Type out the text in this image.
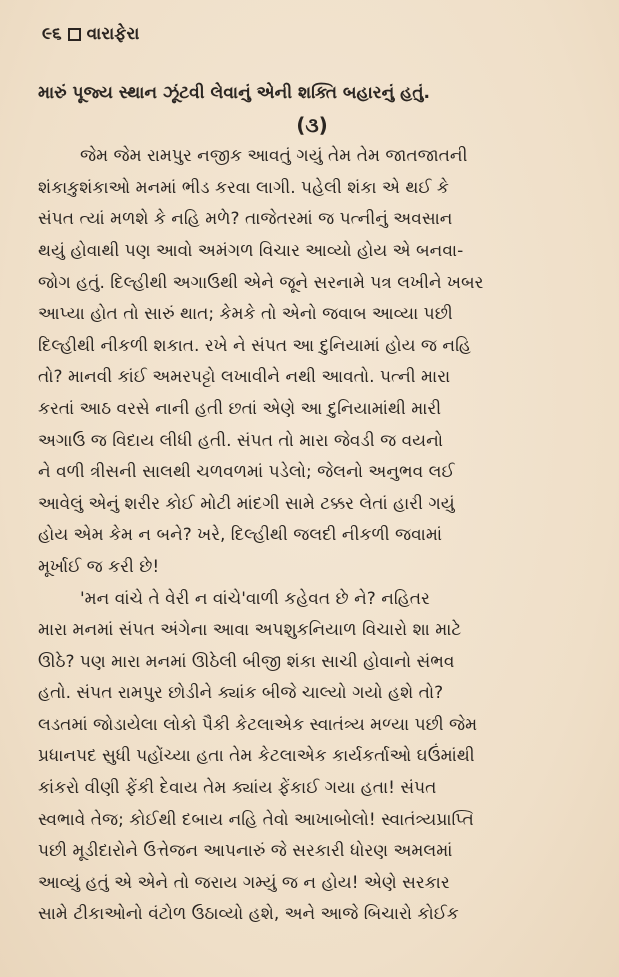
૯૬ વારાફેરા
મારું પૂજ્ય સ્થાન ઝૂંટવી લેવાનું એની શક્તિ બહારનું હતું.
(૩)
જેમ જેમ રામપુર નજીક આવતું ગયું તેમ તેમ જાતજાતની
શંકાકુશંકાઓ મનમાં ભીડ કરવા લાગી. પહેલી શંકા એ થઈ કે
સંપત ત્યાં મળશે કે નહિ મળે? તાજેતરમાં જ પત્નીનું અવસાન
થયું હોવાથી પણ આવો અમંગળ વિચાર આવ્યો હોય એ બનવા-
જોગ હતું. દિલ્હીથી અગાઉથી એને જૂને સરનામે પત્ર લખીને ખબર
આપ્યા હોત તો સારું થાત; કેમકે તો એનો જવાબ આવ્યા પછી
દિલ્હીથી નીકળી શકાત. રખે ને સંપત આ દુનિયામાં હોય જ નહિ
તો? માનવી કાંઈ અમરપટ્ટો લખાવીને નથી આવતો. પત્ની મારા
કરતાં આઠ વરસે નાની હતી છતાં એણે આ દુનિયામાંથી મારી
અગાઉ જ વિદાય લીધી હતી. સંપત તો મારા જેવડી જ વયનો
ને વળી ત્રીસની સાલથી ચળવળમાં પડેલો; જેલનો અનુભવ લઈ
આવેલું એનું શરીર કોઈ મોટી માંદગી સામે ટક્કર લેતાં હારી ગયું
હોય એમ કેમ ન બને? ખરે, દિલ્હીથી જલદી નીકળી જવામાં
મૂર્ખાઈ જ કરી છે!
'મન વાંચે તે વેરી ન વાંચે'વાળી કહેવત છે ને? નહિતર
મારા મનમાં સંપત અંગેના આવા અપશુકનિયાળ વિચારો શા માટે
ઊઠે? પણ મારા મનમાં ઊઠેલી બીજી શંકા સાચી હોવાનો સંભવ
હતો. સંપત રામપુર છોડીને ક્યાંક બીજે ચાલ્યો ગયો હશે તો?
લડતમાં જોડાયેલા લોકો પૈકી કેટલાએક સ્વાતંત્ર્ય મળ્યા પછી જેમ
પ્રધાનપદ સુધી પહોંચ્યા હતા તેમ કેટલાએક કાર્યકર્તાઓ ઘઉંમાંથી
કાંકરો વીણી ફેંકી દેવાય તેમ ક્યાંય ફેંકાઈ ગયા હતા! સંપત
સ્વભાવે તેજ; કોઈથી દબાય નહિ તેવો આખાબોલો! સ્વાતંત્ર્યપ્રાપ્તિ
પછી મૂડીદારોને ઉત્તેજન આપનારું જે સરકારી ધોરણ અમલમાં
આવ્યું હતું એ એને તો જરાય ગમ્યું જ ન હોય! એણે સરકાર
સામે ટીકાઓનો વંટોળ ઉઠાવ્યો હશે, અને આજે બિચારો કોઈક
